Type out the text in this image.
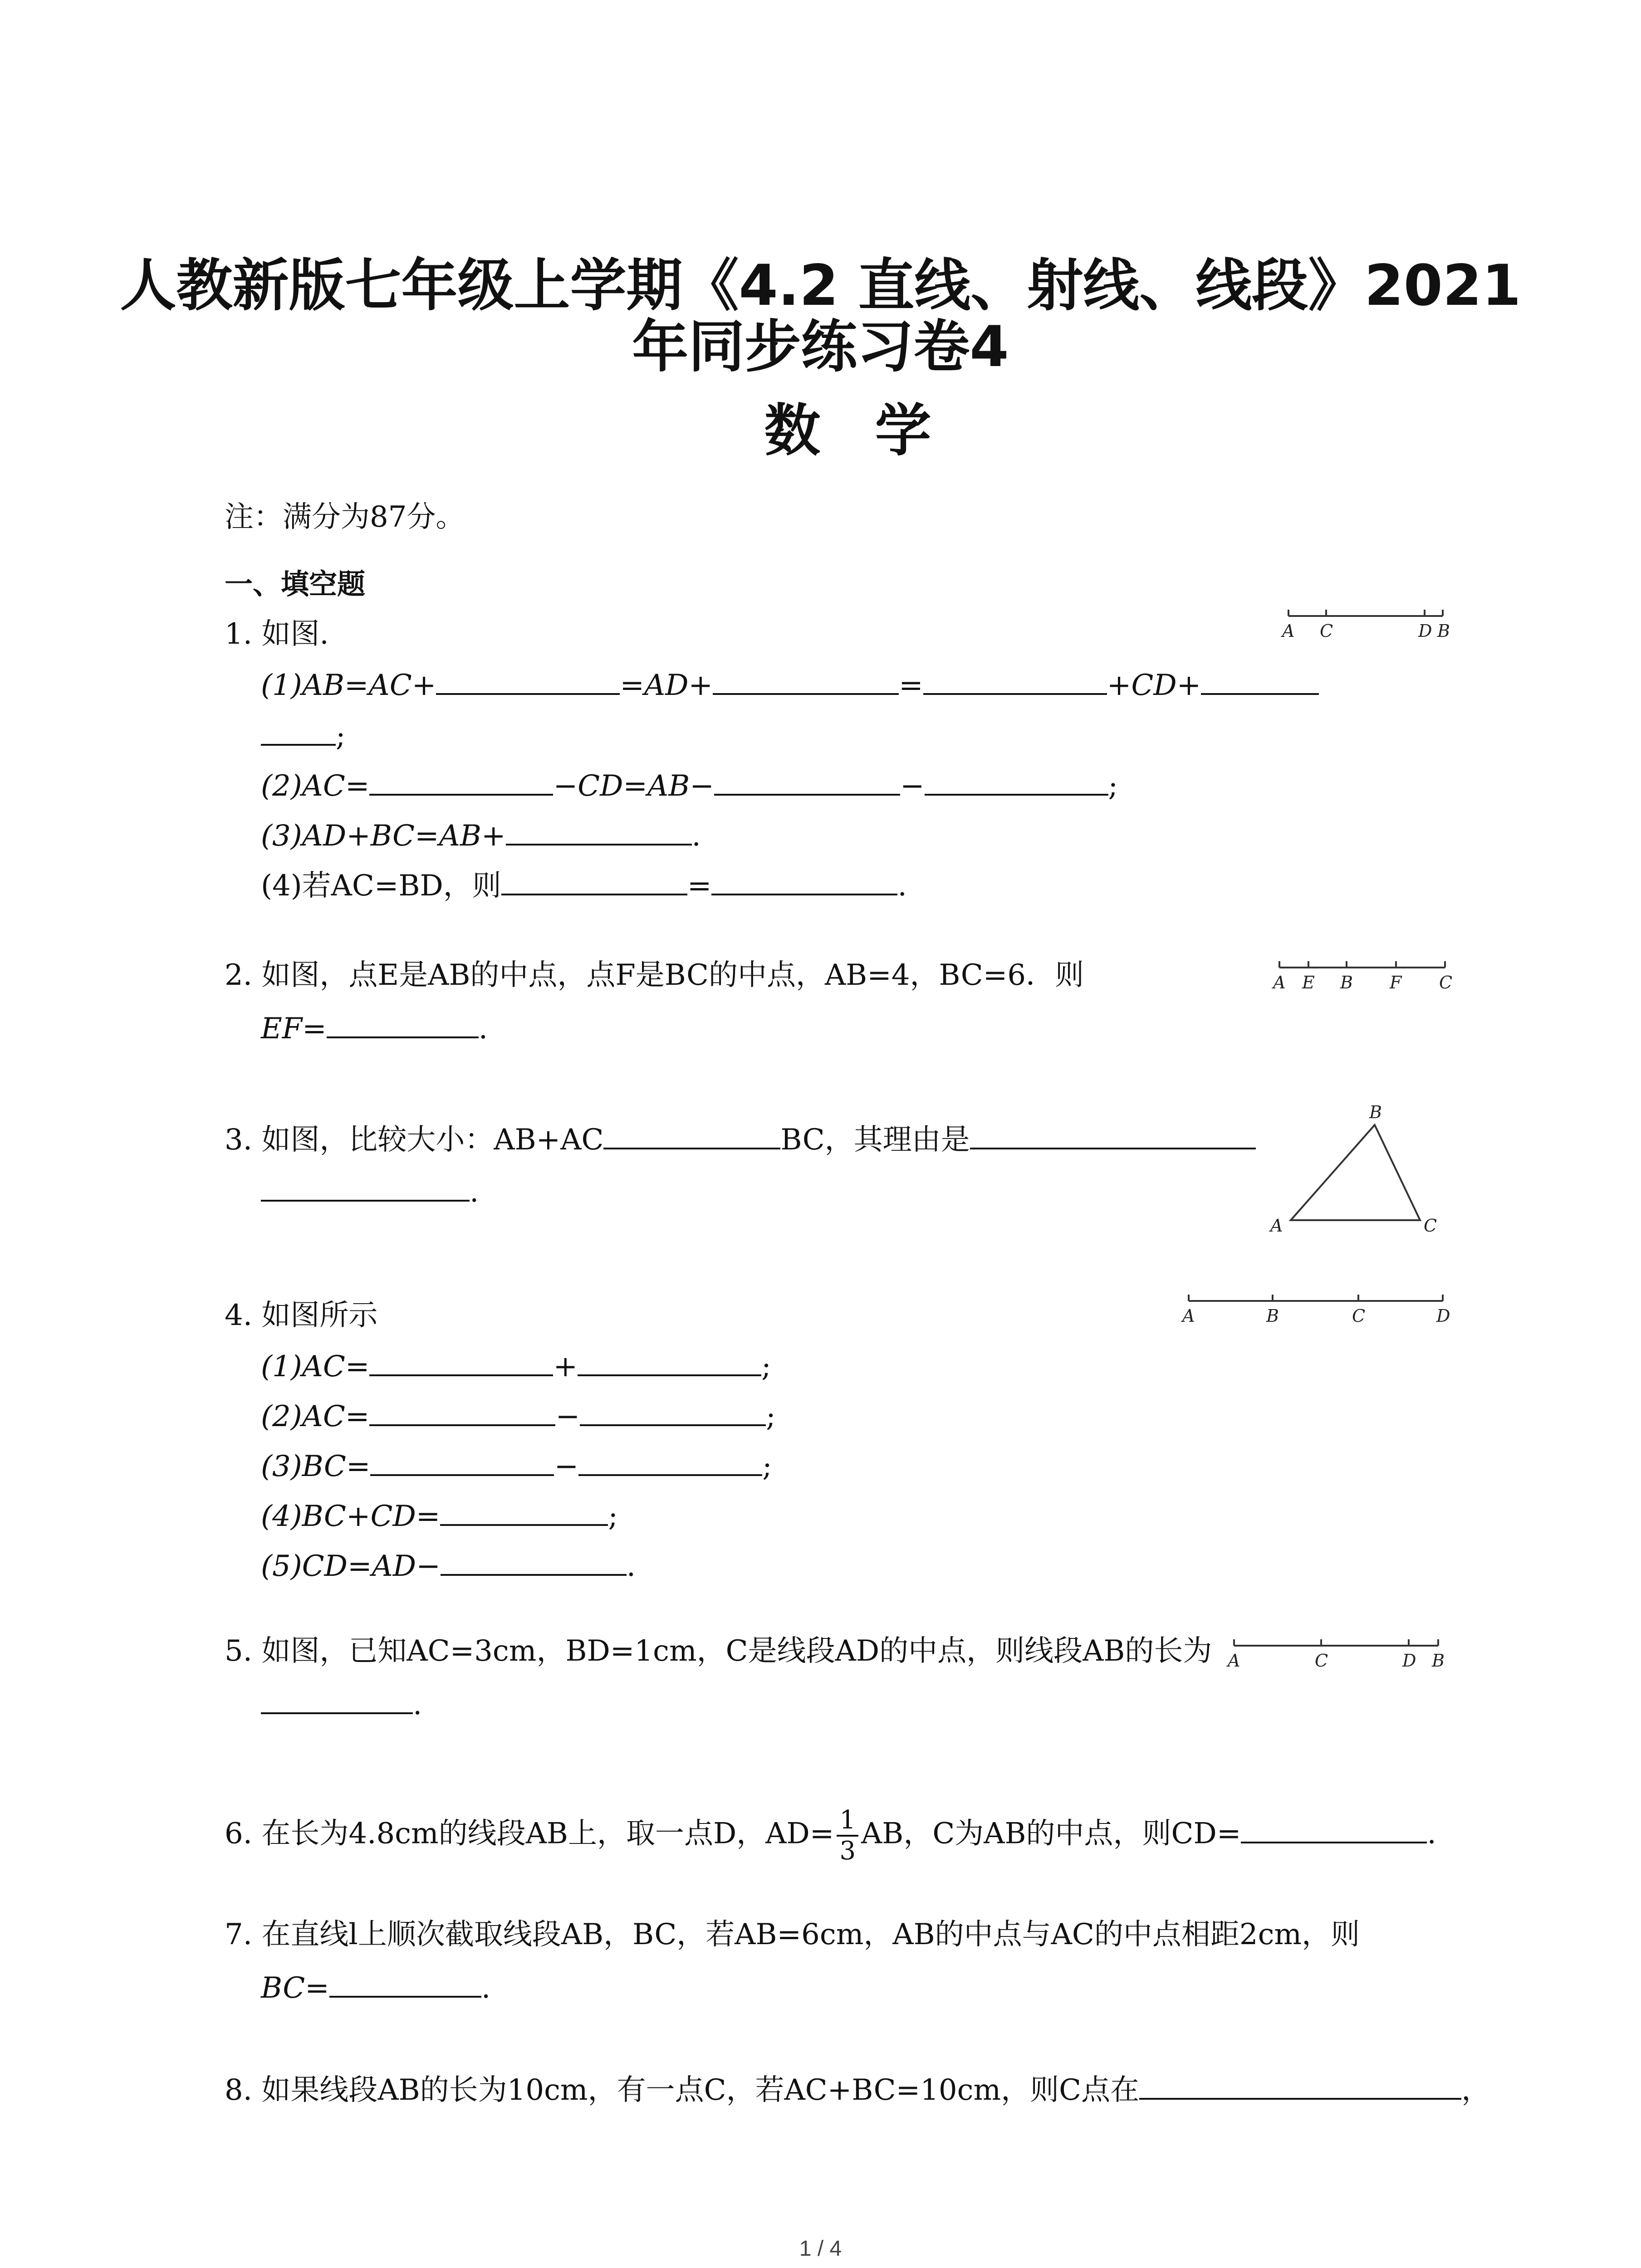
人教新版七年级上学期《4.2 直线、射线、线段》2021
年同步练习卷4
数学
注：满分为87分。
一、填空题
1. 如图.
(1)AB=AC+	=AD+	=	+CD+
;
(2)AC=	−CD=AB−	−	;
(3)AD+BC=AB+	.
(4)若AC=BD，则	=	.
A C	D B
2. 如图，点E是AB的中点，点F是BC的中点，AB=4，BC=6．则
EF=	.
A E B F C
3. 如图，比较大小：AB+AC	BC，其理由是
.
B
A	C
4. 如图所示
(1)AC=	+	;
(2)AC=	−	;
(3)BC=	−	;
(4)BC+CD=	;
(5)CD=AD−	.
A	B	C	D
5. 如图，已知AC=3cm，BD=1cm，C是线段AD的中点，则线段AB的长为
.
A	C	D B
6. 在长为4.8cm的线段AB上，取一点D，$AD= \frac{1}{3}$ AB，C为AB的中点，则CD=	.
7. 在直线l上顺次截取线段AB，BC，若AB=6cm，AB的中点与AC的中点相距2cm，则
BC=	.
8. 如果线段AB的长为10cm，有一点C，若AC+BC=10cm，则C点在	，
1 / 4
